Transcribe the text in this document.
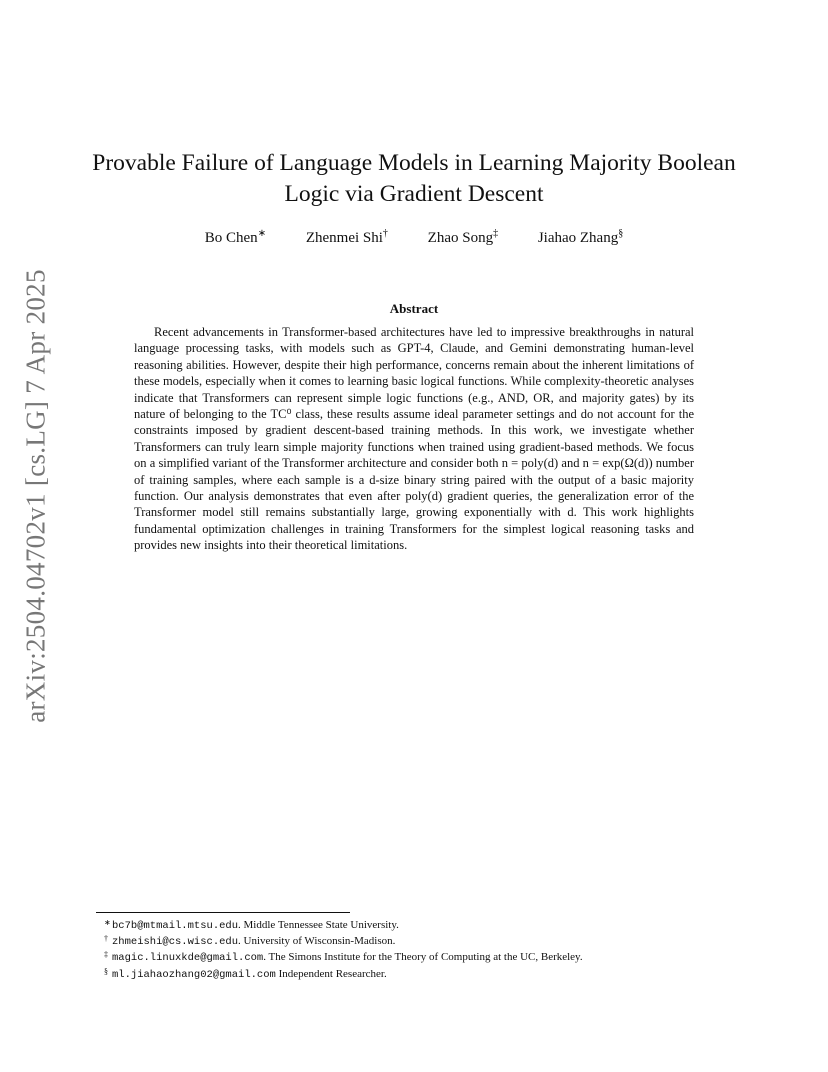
arXiv:2504.04702v1 [cs.LG] 7 Apr 2025
Provable Failure of Language Models in Learning Majority Boolean Logic via Gradient Descent
Bo Chen∗	Zhenmei Shi†	Zhao Song‡	Jiahao Zhang§
Abstract

Recent advancements in Transformer-based architectures have led to impressive breakthroughs in natural language processing tasks, with models such as GPT-4, Claude, and Gemini demonstrating human-level reasoning abilities. However, despite their high performance, concerns remain about the inherent limitations of these models, especially when it comes to learning basic logical functions. While complexity-theoretic analyses indicate that Transformers can represent simple logic functions (e.g., AND, OR, and majority gates) by its nature of belonging to the TC⁰ class, these results assume ideal parameter settings and do not account for the constraints imposed by gradient descent-based training methods. In this work, we investigate whether Transformers can truly learn simple majority functions when trained using gradient-based methods. We focus on a simplified variant of the Transformer architecture and consider both n = poly(d) and n = exp(Ω(d)) number of training samples, where each sample is a d-size binary string paired with the output of a basic majority function. Our analysis demonstrates that even after poly(d) gradient queries, the generalization error of the Transformer model still remains substantially large, growing exponentially with d. This work highlights fundamental optimization challenges in training Transformers for the simplest logical reasoning tasks and provides new insights into their theoretical limitations.

∗ bc7b@mtmail.mtsu.edu. Middle Tennessee State University.
† zhmeishi@cs.wisc.edu. University of Wisconsin-Madison.
‡ magic.linuxkde@gmail.com. The Simons Institute for the Theory of Computing at the UC, Berkeley.
§ ml.jiahaozhang02@gmail.com Independent Researcher.
